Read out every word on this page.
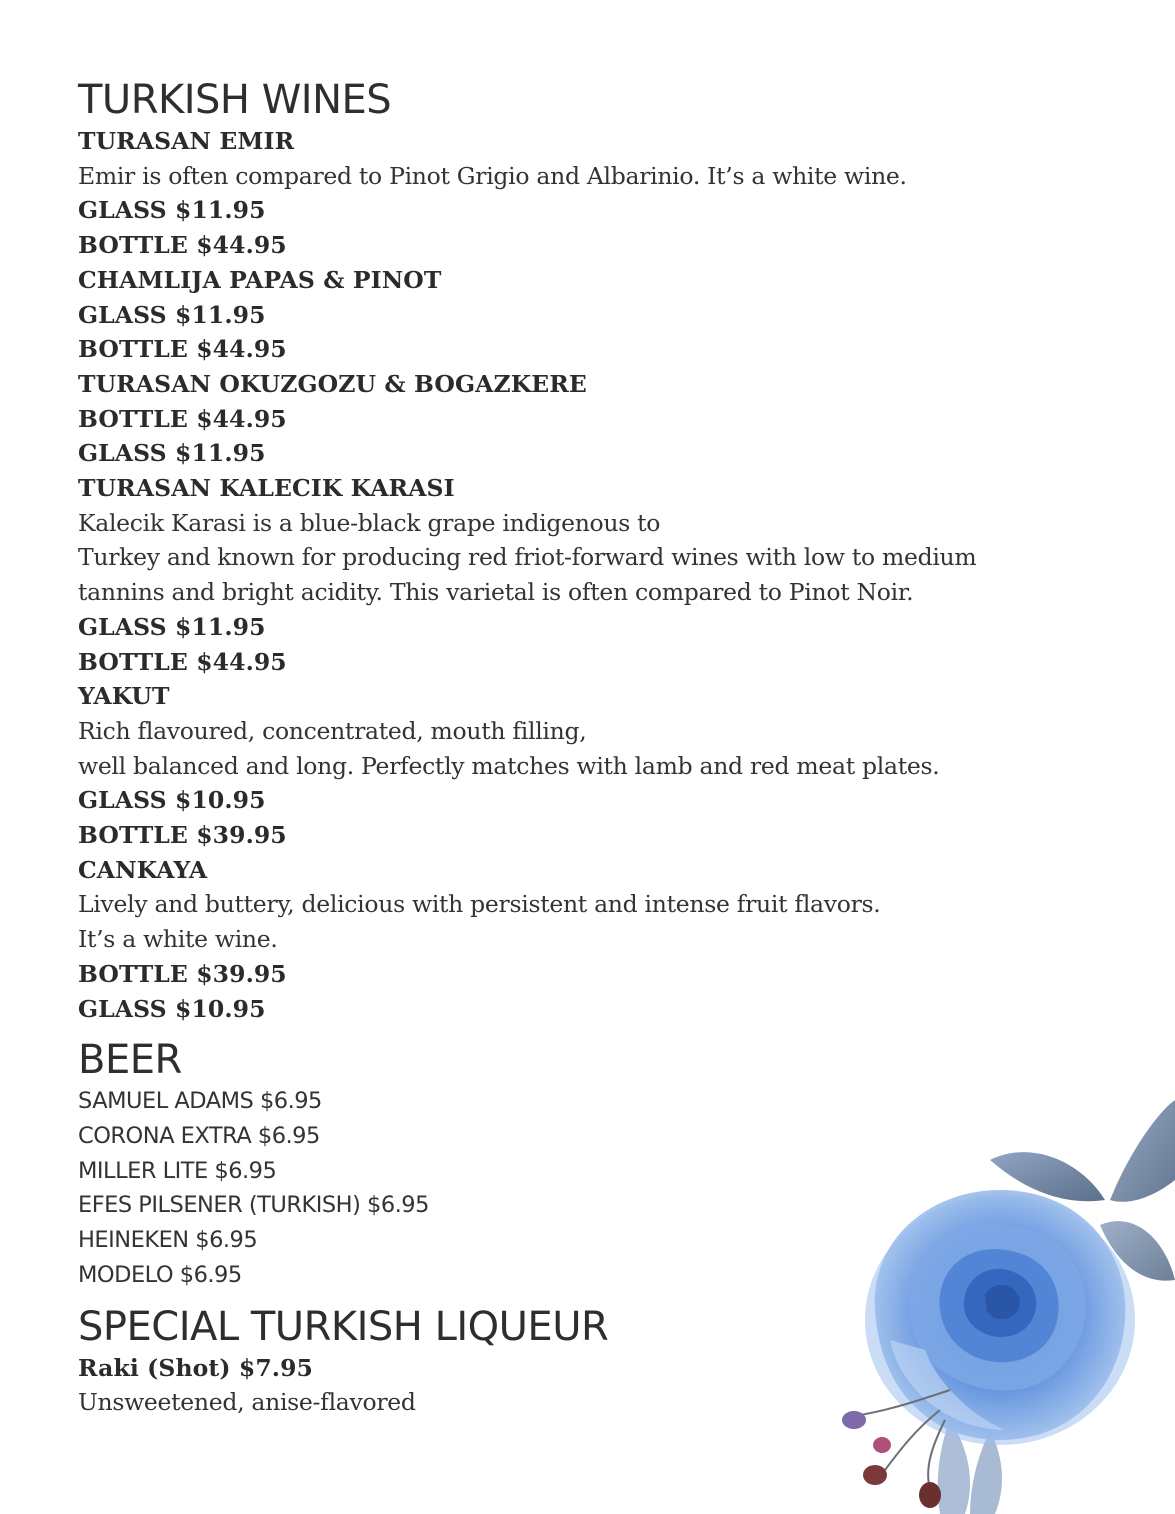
TURKISH WINES
TURASAN EMIR
Emir is often compared to Pinot Grigio and Albarinio. It’s a white wine.
GLASS $11.95
BOTTLE $44.95
CHAMLIJA PAPAS & PINOT
GLASS $11.95
BOTTLE $44.95
TURASAN OKUZGOZU & BOGAZKERE
BOTTLE $44.95
GLASS $11.95
TURASAN KALECIK KARASI
Kalecik Karasi is a blue-black grape indigenous to
Turkey and known for producing red friot-forward wines with low to medium
tannins and bright acidity. This varietal is often compared to Pinot Noir.
GLASS $11.95
BOTTLE $44.95
YAKUT
Rich flavoured, concentrated, mouth filling,
well balanced and long. Perfectly matches with lamb and red meat plates.
GLASS $10.95
BOTTLE $39.95
CANKAYA
Lively and buttery, delicious with persistent and intense fruit flavors.
It’s a white wine.
BOTTLE $39.95
GLASS $10.95
BEER
SAMUEL ADAMS $6.95
CORONA EXTRA $6.95
MILLER LITE $6.95
EFES PILSENER (TURKISH) $6.95
HEINEKEN $6.95
MODELO $6.95
SPECIAL TURKISH LIQUEUR
Raki (Shot) $7.95
Unsweetened, anise-flavored
